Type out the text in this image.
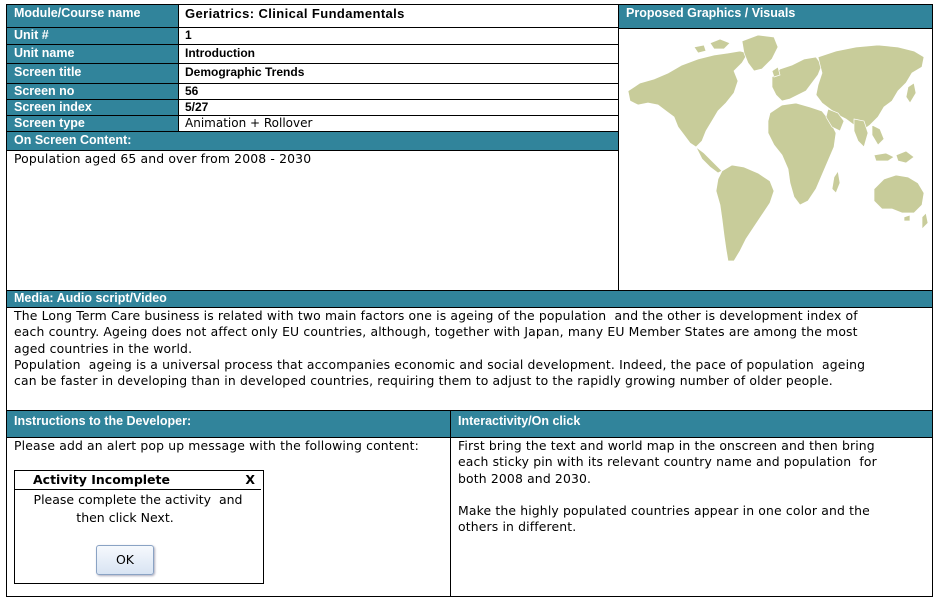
Module/Course name	Geriatrics: Clinical Fundamentals
Unit #	1
Unit name	Introduction
Screen title	Demographic Trends
Screen no	56
Screen index	5/27
Screen type	Animation + Rollover
On Screen Content:
Population aged 65 and over from 2008 - 2030
Proposed Graphics / Visuals
Media: Audio script/Video
The Long Term Care business is related with two main factors one is ageing of the population  and the other is development index of
each country. Ageing does not affect only EU countries, although, together with Japan, many EU Member States are among the most
aged countries in the world.
Population  ageing is a universal process that accompanies economic and social development. Indeed, the pace of population  ageing
can be faster in developing than in developed countries, requiring them to adjust to the rapidly growing number of older people.
Instructions to the Developer:	Interactivity/On click
Please add an alert pop up message with the following content:
Activity Incomplete	X
Please complete the activity  and
then click Next.
OK
First bring the text and world map in the onscreen and then bring
each sticky pin with its relevant country name and population  for
both 2008 and 2030.
Make the highly populated countries appear in one color and the
others in different.
